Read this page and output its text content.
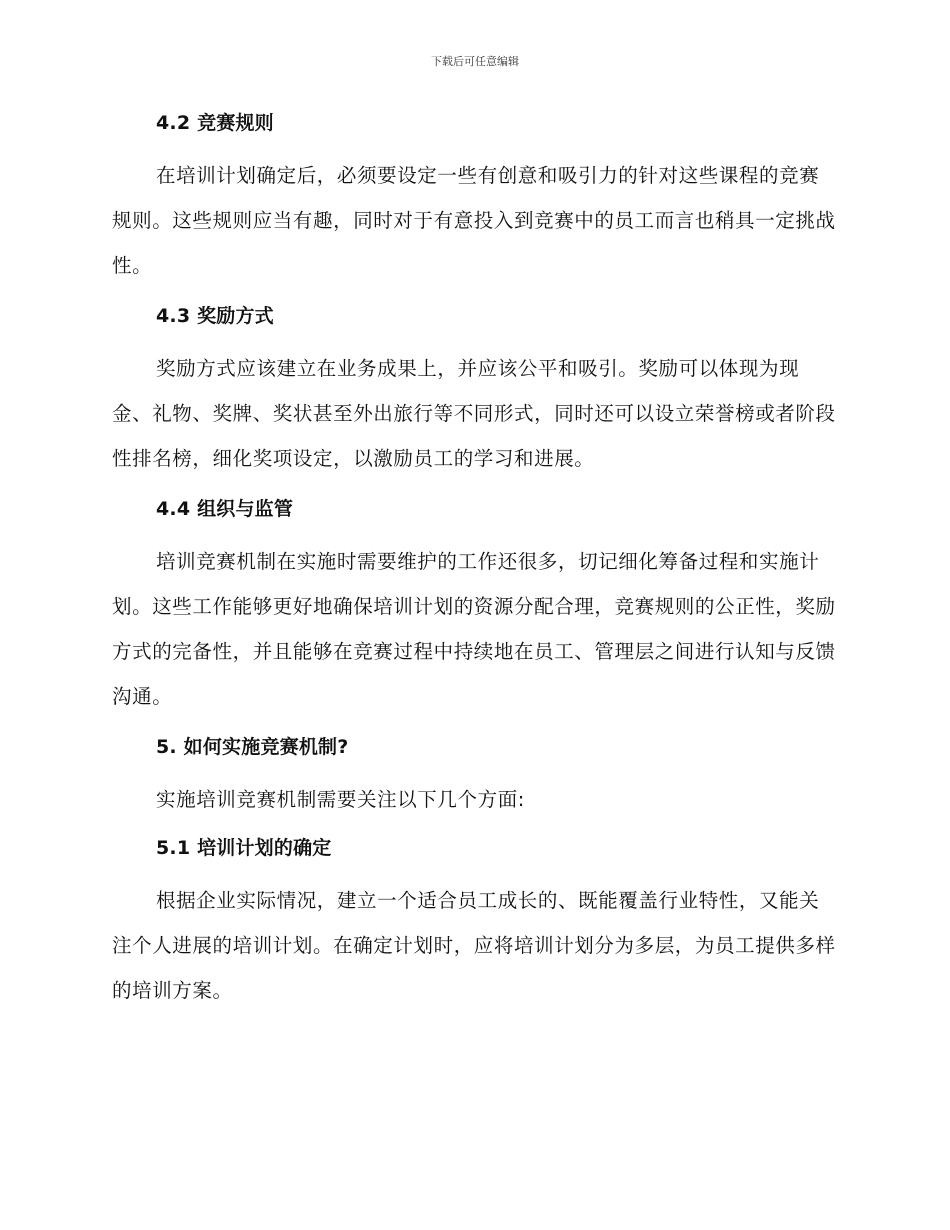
下载后可任意编辑
4.2 竞赛规则

在培训计划确定后，必须要设定一些有创意和吸引力的针对这些课程的竞赛规则。这些规则应当有趣，同时对于有意投入到竞赛中的员工而言也稍具一定挑战性。

4.3 奖励方式

奖励方式应该建立在业务成果上，并应该公平和吸引。奖励可以体现为现金、礼物、奖牌、奖状甚至外出旅行等不同形式，同时还可以设立荣誉榜或者阶段性排名榜，细化奖项设定，以激励员工的学习和进展。

4.4 组织与监管

培训竞赛机制在实施时需要维护的工作还很多，切记细化筹备过程和实施计划。这些工作能够更好地确保培训计划的资源分配合理，竞赛规则的公正性，奖励方式的完备性，并且能够在竞赛过程中持续地在员工、管理层之间进行认知与反馈沟通。

5. 如何实施竞赛机制?

实施培训竞赛机制需要关注以下几个方面:

5.1 培训计划的确定

根据企业实际情况，建立一个适合员工成长的、既能覆盖行业特性，又能关注个人进展的培训计划。在确定计划时，应将培训计划分为多层，为员工提供多样的培训方案。
